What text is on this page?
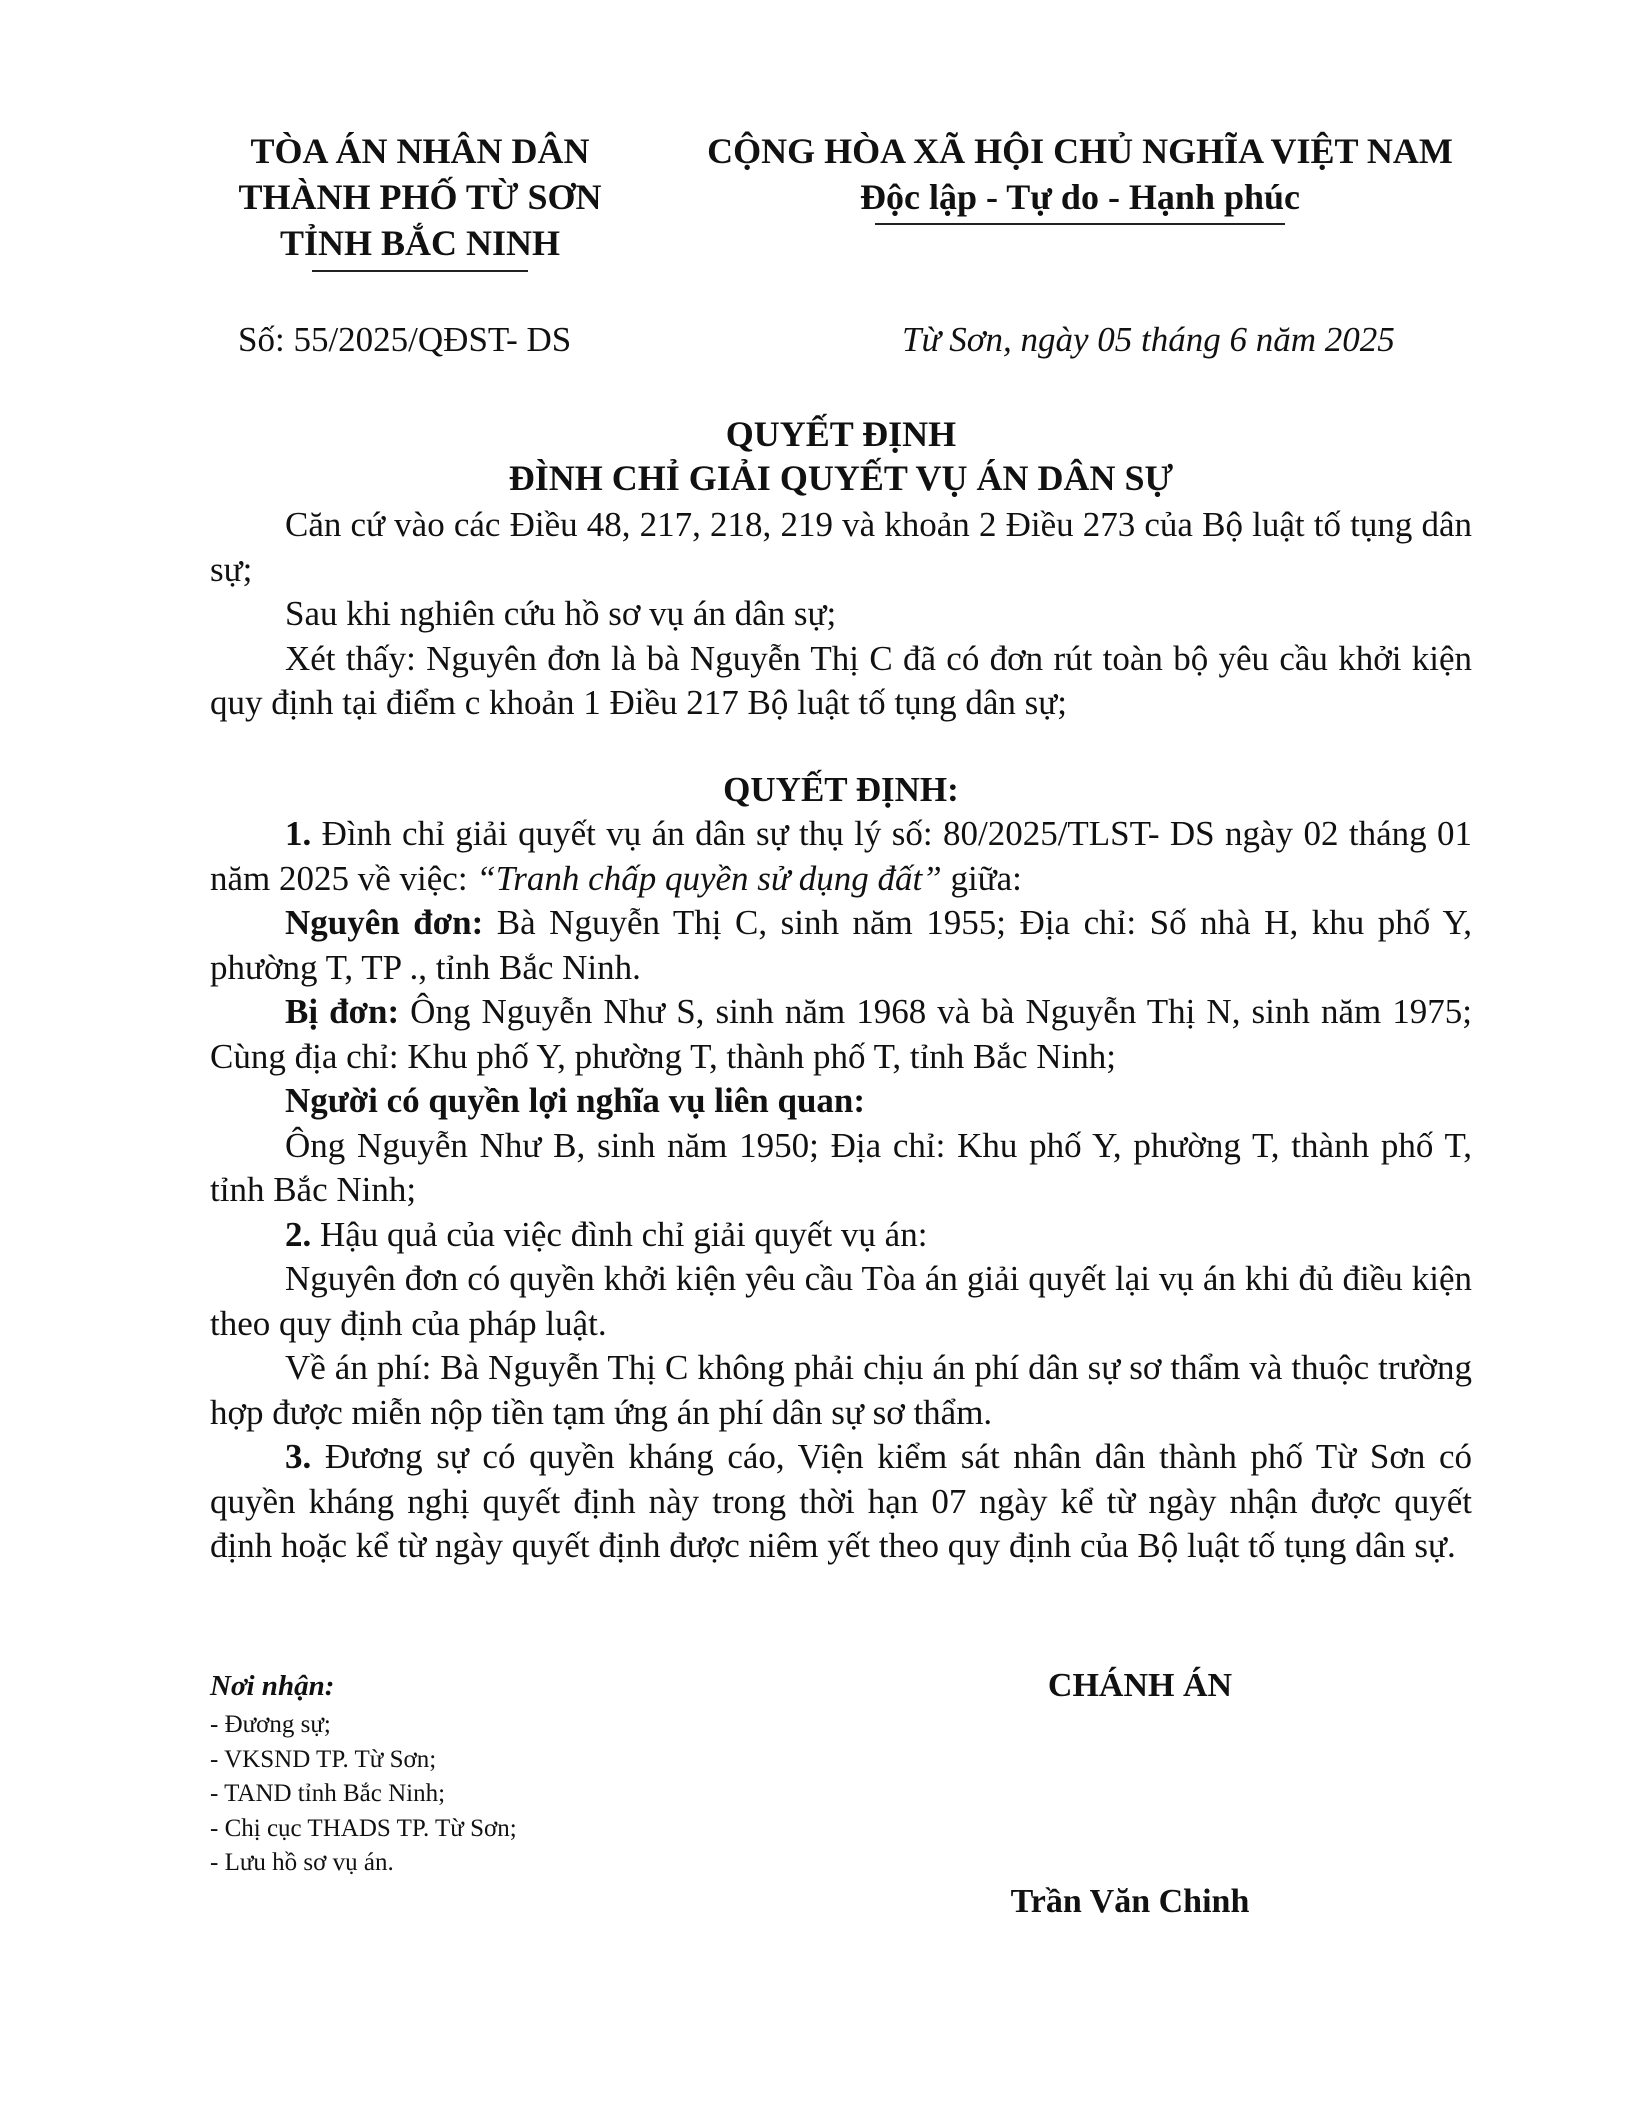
TÒA ÁN NHÂN DÂN
THÀNH PHỐ TỪ SƠN
TỈNH BẮC NINH
CỘNG HÒA XÃ HỘI CHỦ NGHĨA VIỆT NAM
Độc lập - Tự do - Hạnh phúc
Số: 55/2025/QĐST- DS	Từ Sơn, ngày 05 tháng 6 năm 2025
QUYẾT ĐỊNH
ĐÌNH CHỈ GIẢI QUYẾT VỤ ÁN DÂN SỰ

Căn cứ vào các Điều 48, 217, 218, 219 và khoản 2 Điều 273 của Bộ luật tố tụng dân sự;

Sau khi nghiên cứu hồ sơ vụ án dân sự;

Xét thấy: Nguyên đơn là bà Nguyễn Thị C đã có đơn rút toàn bộ yêu cầu khởi kiện quy định tại điểm c khoản 1 Điều 217 Bộ luật tố tụng dân sự;

QUYẾT ĐỊNH:

1. Đình chỉ giải quyết vụ án dân sự thụ lý số: 80/2025/TLST- DS ngày 02 tháng 01 năm 2025 về việc: “Tranh chấp quyền sử dụng đất” giữa:

Nguyên đơn: Bà Nguyễn Thị C, sinh năm 1955; Địa chỉ: Số nhà H, khu phố Y, phường T, TP ., tỉnh Bắc Ninh.

Bị đơn: Ông Nguyễn Như S, sinh năm 1968 và bà Nguyễn Thị N, sinh năm 1975; Cùng địa chỉ: Khu phố Y, phường T, thành phố T, tỉnh Bắc Ninh;

Người có quyền lợi nghĩa vụ liên quan:

Ông Nguyễn Như B, sinh năm 1950; Địa chỉ: Khu phố Y, phường T, thành phố T, tỉnh Bắc Ninh;

2. Hậu quả của việc đình chỉ giải quyết vụ án:

Nguyên đơn có quyền khởi kiện yêu cầu Tòa án giải quyết lại vụ án khi đủ điều kiện theo quy định của pháp luật.

Về án phí: Bà Nguyễn Thị C không phải chịu án phí dân sự sơ thẩm và thuộc trường hợp được miễn nộp tiền tạm ứng án phí dân sự sơ thẩm.

3. Đương sự có quyền kháng cáo, Viện kiểm sát nhân dân thành phố Từ Sơn có quyền kháng nghị quyết định này trong thời hạn 07 ngày kể từ ngày nhận được quyết định hoặc kể từ ngày quyết định được niêm yết theo quy định của Bộ luật tố tụng dân sự.

Nơi nhận:
- Đương sự;
- VKSND TP. Từ Sơn;
- TAND tỉnh Bắc Ninh;
- Chị cục THADS TP. Từ Sơn;
- Lưu hồ sơ vụ án.
CHÁNH ÁN
Trần Văn Chinh
